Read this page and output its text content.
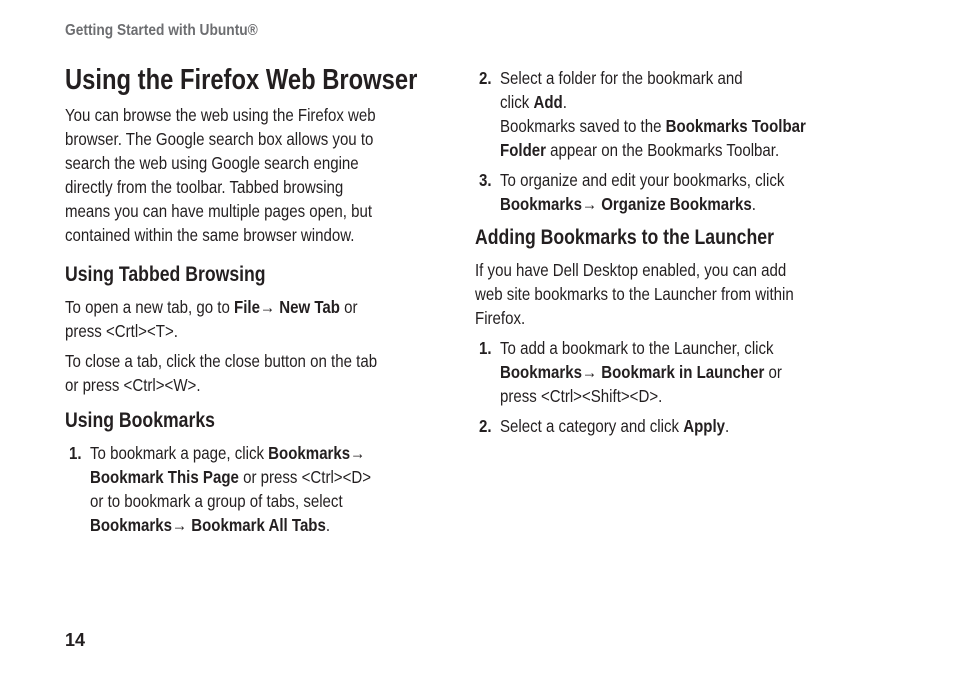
Getting Started with Ubuntu®
Using the Firefox Web Browser
You can browse the web using the Firefox web
browser. The Google search box allows you to
search the web using Google search engine
directly from the toolbar. Tabbed browsing
means you can have multiple pages open, but
contained within the same browser window.
Using Tabbed Browsing
To open a new tab, go to File→ New Tab or
press <Crtl><T>.
To close a tab, click the close button on the tab
or press <Ctrl><W>.
Using Bookmarks
1. To bookmark a page, click Bookmarks→
Bookmark This Page or press <Ctrl><D>
or to bookmark a group of tabs, select
Bookmarks→ Bookmark All Tabs.
2. Select a folder for the bookmark and
click Add.
Bookmarks saved to the Bookmarks Toolbar
Folder appear on the Bookmarks Toolbar.
3. To organize and edit your bookmarks, click
Bookmarks→ Organize Bookmarks.
Adding Bookmarks to the Launcher
If you have Dell Desktop enabled, you can add
web site bookmarks to the Launcher from within
Firefox.
1. To add a bookmark to the Launcher, click
Bookmarks→ Bookmark in Launcher or
press <Ctrl><Shift><D>.
2. Select a category and click Apply.
14
